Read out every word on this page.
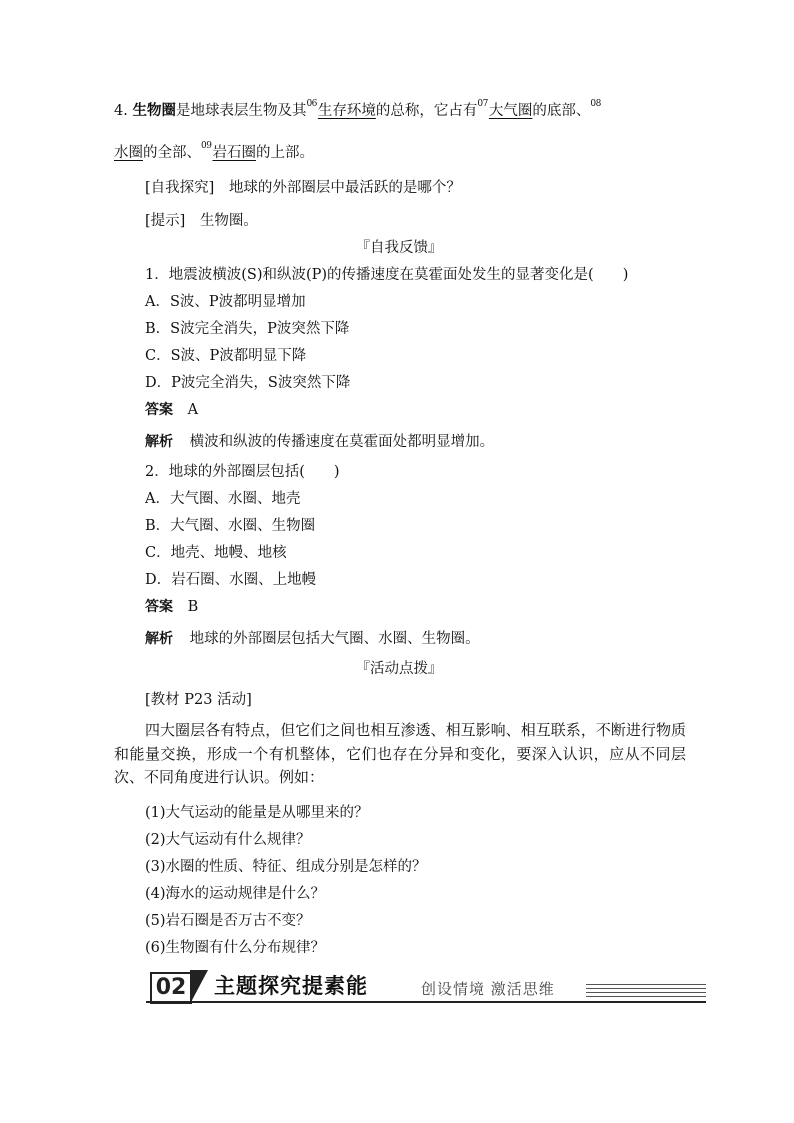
4. 生物圈是地球表层生物及其 06 生存环境的总称，它占有 07 大气圈的底部、 08
水圈的全部、 09 岩石圈的上部。
[自我探究] 地球的外部圈层中最活跃的是哪个？
[提示] 生物圈。
『自我反馈』
1．地震波横波(S)和纵波(P)的传播速度在莫霍面处发生的显著变化是(　　)
A．S波、P波都明显增加
B．S波完全消失，P波突然下降
C．S波、P波都明显下降
D．P波完全消失，S波突然下降
答案 A
解析 横波和纵波的传播速度在莫霍面处都明显增加。
2．地球的外部圈层包括(　　)
A．大气圈、水圈、地壳
B．大气圈、水圈、生物圈
C．地壳、地幔、地核
D．岩石圈、水圈、上地幔
答案 B
解析 地球的外部圈层包括大气圈、水圈、生物圈。
『活动点拨』
[教材 P23 活动]
四大圈层各有特点，但它们之间也相互渗透、相互影响、相互联系，不断进行物质和能量交换，形成一个有机整体，它们也存在分异和变化，要深入认识，应从不同层次、不同角度进行认识。例如：
(1)大气运动的能量是从哪里来的？
(2)大气运动有什么规律？
(3)水圈的性质、特征、组成分别是怎样的？
(4)海水的运动规律是什么？
(5)岩石圈是否万古不变？
(6)生物圈有什么分布规律？
02 主题探究提素能	创设情境 激活思维
